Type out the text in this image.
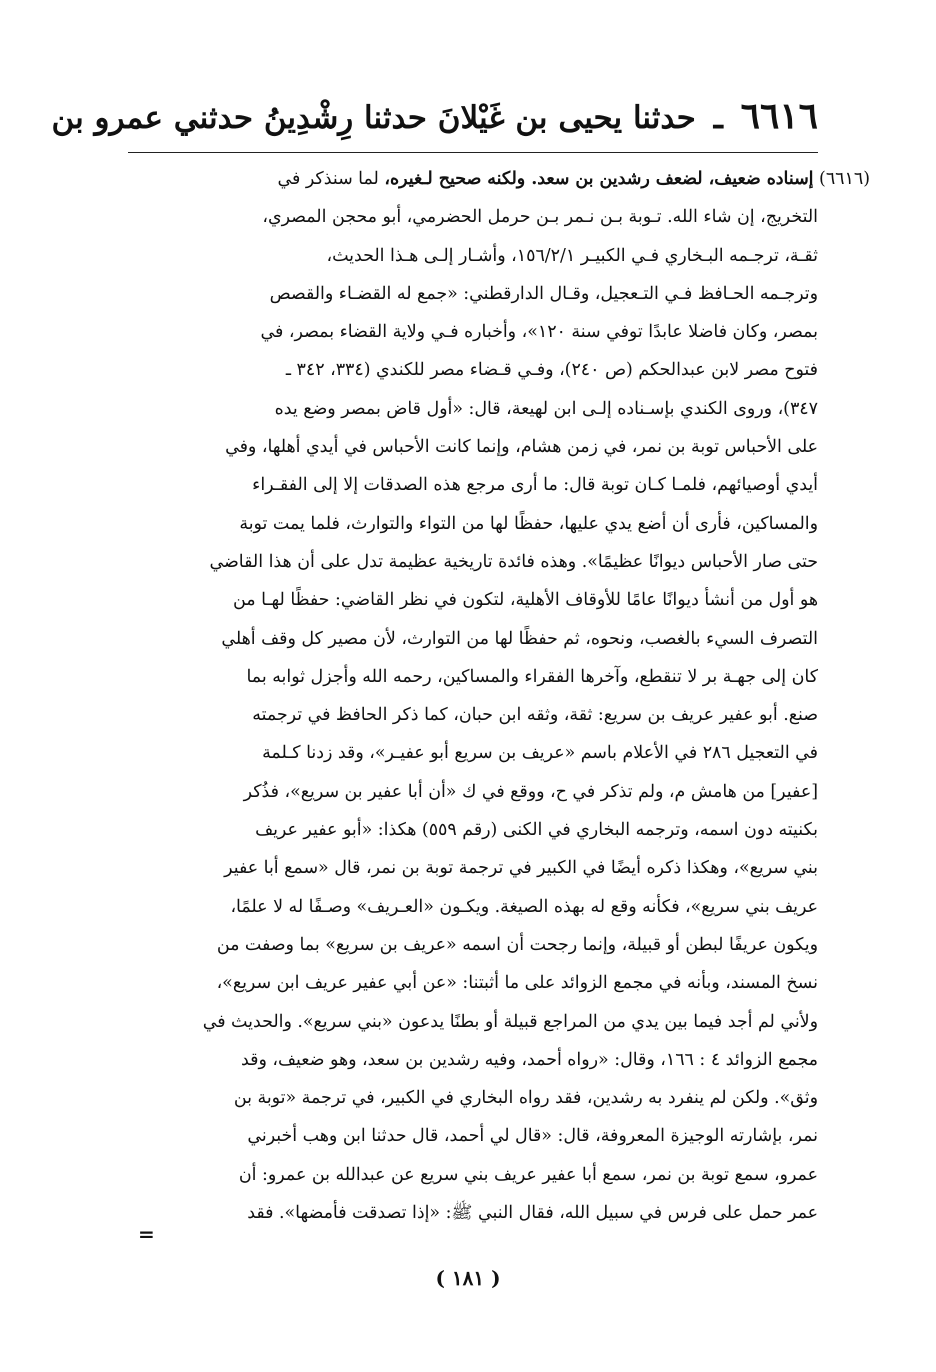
٦٦١٦ ـ حدثنا يحيى بن غَيْلانَ حدثنا رِشْدِينُ حدثني عمرو بن
(٦٦١٦) إسناده ضعيف، لضعف رشدين بن سعد. ولكنه صحيح لـغيره، لما سنذكر في
التخريج، إن شاء الله. تـوبة بـن نـمر بـن حرمل الحضرمي، أبو محجن المصري،
ثقـة، ترجـمه البـخاري فـي الكبيـر ١٥٦/٢/١، وأشـار إلـى هـذا الحديث،
وترجـمه الحـافظ فـي التـعجيل، وقـال الدارقطني: «جمع له القضـاء والقصص
بمصر، وكان فاضلا عابدًا توفي سنة ١٢٠»، وأخباره فـي ولاية القضاء بمصر، في
فتوح مصر لابن عبدالحكم (ص ٢٤٠)، وفـي قـضاء مصر للكندي (٣٣٤، ٣٤٢ ـ
٣٤٧)، وروى الكندي بإسـناده إلـى ابن لهيعة، قال: «أول قاض بمصر وضع يده
على الأحباس توبة بن نمر، في زمن هشام، وإنما كانت الأحباس في أيدي أهلها، وفي
أيدي أوصيائهم، فلمـا كـان توبة قال: ما أرى مرجع هذه الصدقات إلا إلى الفقـراء
والمساكين، فأرى أن أضع يدي عليها، حفظًا لها من التواء والتوارث، فلما يمت توبة
حتى صار الأحباس ديوانًا عظيمًا». وهذه فائدة تاريخية عظيمة تدل على أن هذا القاضي
هو أول من أنشأ ديوانًا عامًا للأوقاف الأهلية، لتكون في نظر القاضي: حفظًا لهـا من
التصرف السيء بالغصب، ونحوه، ثم حفظًا لها من التوارث، لأن مصير كل وقف أهلي
كان إلى جهـة بر لا تنقطع، وآخرها الفقراء والمساكين، رحمه الله وأجزل ثوابه بما
صنع. أبو عفير عريف بن سريع: ثقة، وثقه ابن حبان، كما ذكر الحافظ في ترجمته
في التعجيل ٢٨٦ في الأعلام باسم «عريف بن سريع أبو عفيـر»، وقد زدنا كـلمة
[عفير] من هامش م، ولم تذكر في ح، ووقع في ك «أن أبا عفير بن سريع»، فذُكر
بكنيته دون اسمه، وترجمه البخاري في الكنى (رقم ٥٥٩) هكذا: «أبو عفير عريف
بني سريع»، وهكذا ذكره أيضًا في الكبير في ترجمة توبة بن نمر، قال «سمع أبا عفير
عريف بني سريع»، فكأنه وقع له بهذه الصيغة. ويكـون «العـريف» وصـفًا له لا علمًا،
ويكون عريفًا لبطن أو قبيلة، وإنما رجحت أن اسمه «عريف بن سريع» بما وصفت من
نسخ المسند، وبأنه في مجمع الزوائد على ما أثبتنا: «عن أبي عفير عريف ابن سريع»،
ولأني لم أجد فيما بين يدي من المراجع قبيلة أو بطنًا يدعون «بني سريع». والحديث في
مجمع الزوائد ٤ : ١٦٦، وقال: «رواه أحمد، وفيه رشدين بن سعد، وهو ضعيف، وقد
وثق». ولكن لم ينفرد به رشدين، فقد رواه البخاري في الكبير، في ترجمة «توبة بن
نمر، بإشارته الوجيزة المعروفة، قال: «قال لي أحمد، قال حدثنا ابن وهب أخبرني
عمرو، سمع توبة بن نمر، سمع أبا عفير عريف بني سريع عن عبدالله بن عمرو: أن
عمر حمل على فرس في سبيل الله، فقال النبي ﷺ: «إذا تصدقت فأمضها». فقد
=
( ١٨١ )
